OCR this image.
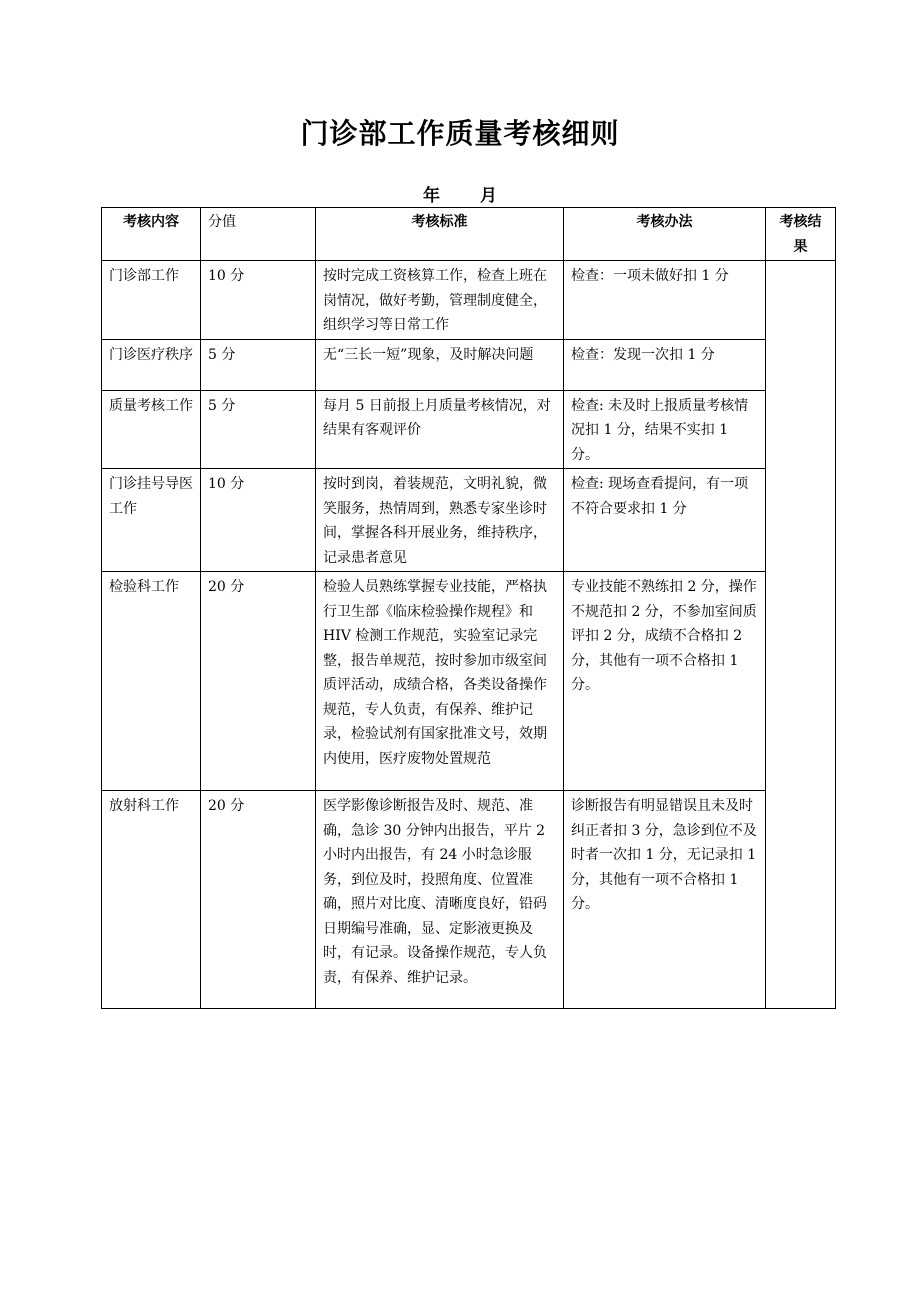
门诊部工作质量考核细则
年 月
考核内容	分值	考核标准	考核办法	考核结果
门诊部工作	10 分	按时完成工资核算工作，检查上班在岗情况，做好考勤，管理制度健全，组织学习等日常工作	检查：一项未做好扣 1 分	
门诊医疗秩序	5 分	无“三长一短”现象，及时解决问题	检查：发现一次扣 1 分	
质量考核工作	5 分	每月 5 日前报上月质量考核情况，对结果有客观评价	检查: 未及时上报质量考核情况扣 1 分，结果不实扣 1 分。	
门诊挂号导医工作	10 分	按时到岗，着装规范，文明礼貌，微笑服务，热情周到，熟悉专家坐诊时间，掌握各科开展业务，维持秩序，记录患者意见	检查: 现场查看提问，有一项不符合要求扣 1 分	
检验科工作	20 分	检验人员熟练掌握专业技能，严格执行卫生部《临床检验操作规程》和 HIV 检测工作规范，实验室记录完整，报告单规范，按时参加市级室间质评活动，成绩合格，各类设备操作规范，专人负责，有保养、维护记录，检验试剂有国家批准文号，效期内使用，医疗废物处置规范	专业技能不熟练扣 2 分，操作不规范扣 2 分，不参加室间质评扣 2 分，成绩不合格扣 2 分，其他有一项不合格扣 1 分。	
放射科工作	20 分	医学影像诊断报告及时、规范、准确，急诊 30 分钟内出报告，平片 2 小时内出报告，有 24 小时急诊服务，到位及时，投照角度、位置准确，照片对比度、清晰度良好，铅码日期编号准确，显、定影液更换及时，有记录。设备操作规范，专人负责，有保养、维护记录。	诊断报告有明显错误且未及时纠正者扣 3 分，急诊到位不及时者一次扣 1 分，无记录扣 1 分，其他有一项不合格扣 1 分。	
